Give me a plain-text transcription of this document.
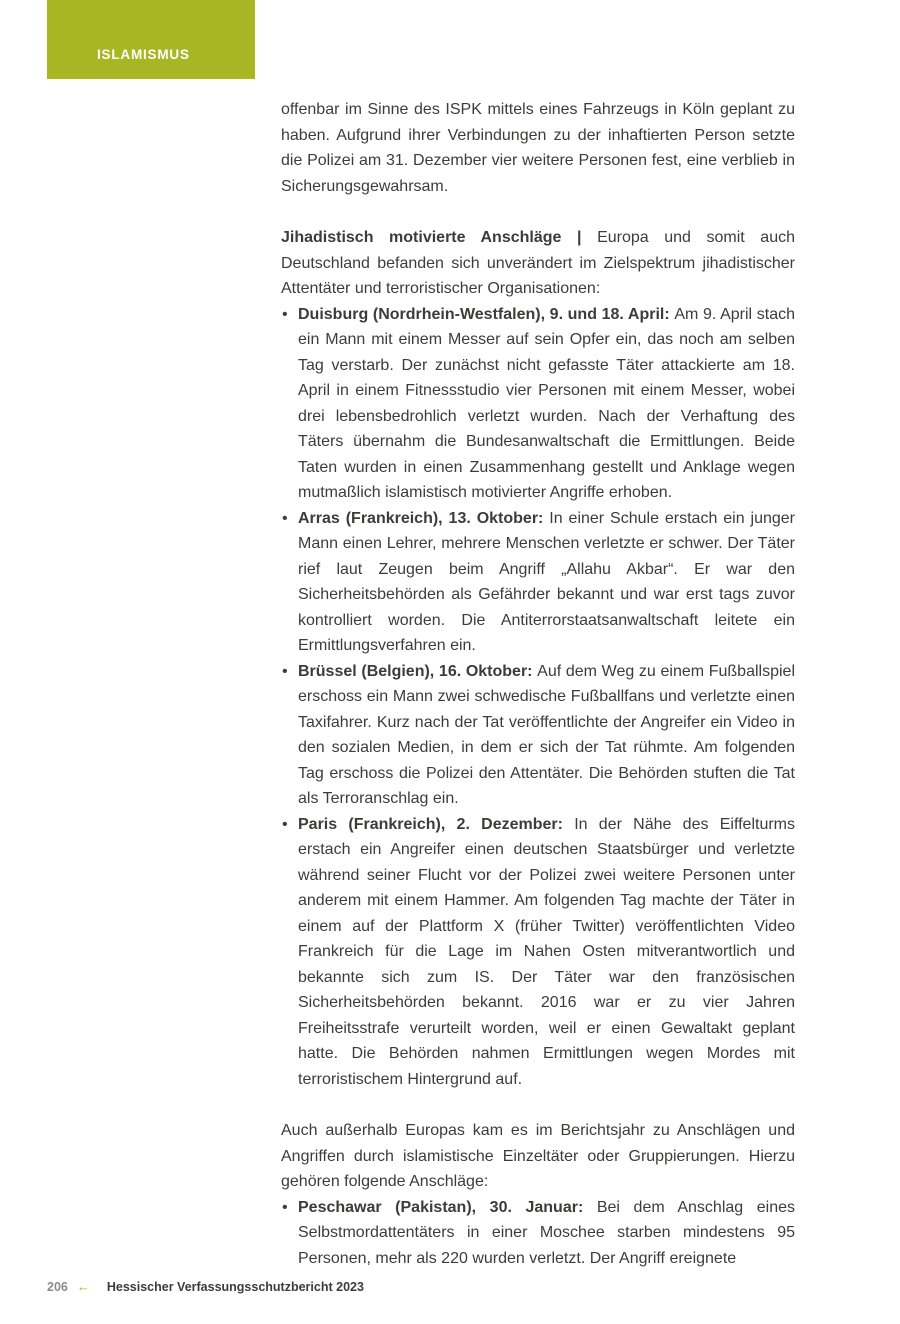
ISLAMISMUS

offenbar im Sinne des ISPK mittels eines Fahrzeugs in Köln geplant zu haben. Aufgrund ihrer Verbindungen zu der inhaftierten Person setzte die Polizei am 31. Dezember vier weitere Personen fest, eine verblieb in Sicherungsgewahrsam.

Jihadistisch motivierte Anschläge | Europa und somit auch Deutschland befanden sich unverändert im Zielspektrum jihadistischer Attentäter und terroristischer Organisationen:

• Duisburg (Nordrhein-Westfalen), 9. und 18. April: Am 9. April stach ein Mann mit einem Messer auf sein Opfer ein, das noch am selben Tag verstarb. Der zunächst nicht gefasste Täter attackierte am 18. April in einem Fitnessstudio vier Personen mit einem Messer, wobei drei lebensbedrohlich verletzt wurden. Nach der Verhaftung des Täters übernahm die Bundesanwaltschaft die Ermittlungen. Beide Taten wurden in einen Zusammenhang gestellt und Anklage wegen mutmaßlich islamistisch motivierter Angriffe erhoben.
• Arras (Frankreich), 13. Oktober: In einer Schule erstach ein junger Mann einen Lehrer, mehrere Menschen verletzte er schwer. Der Täter rief laut Zeugen beim Angriff „Allahu Akbar“. Er war den Sicherheitsbehörden als Gefährder bekannt und war erst tags zuvor kontrolliert worden. Die Antiterrorstaatsanwaltschaft leitete ein Ermittlungsverfahren ein.
• Brüssel (Belgien), 16. Oktober: Auf dem Weg zu einem Fußballspiel erschoss ein Mann zwei schwedische Fußballfans und verletzte einen Taxifahrer. Kurz nach der Tat veröffentlichte der Angreifer ein Video in den sozialen Medien, in dem er sich der Tat rühmte. Am folgenden Tag erschoss die Polizei den Attentäter. Die Behörden stuften die Tat als Terroranschlag ein.
• Paris (Frankreich), 2. Dezember: In der Nähe des Eiffelturms erstach ein Angreifer einen deutschen Staatsbürger und verletzte während seiner Flucht vor der Polizei zwei weitere Personen unter anderem mit einem Hammer. Am folgenden Tag machte der Täter in einem auf der Plattform X (früher Twitter) veröffentlichten Video Frankreich für die Lage im Nahen Osten mitverantwortlich und bekannte sich zum IS. Der Täter war den französischen Sicherheitsbehörden bekannt. 2016 war er zu vier Jahren Freiheitsstrafe verurteilt worden, weil er einen Gewaltakt geplant hatte. Die Behörden nahmen Ermittlungen wegen Mordes mit terroristischem Hintergrund auf.

Auch außerhalb Europas kam es im Berichtsjahr zu Anschlägen und Angriffen durch islamistische Einzeltäter oder Gruppierungen. Hierzu gehören folgende Anschläge:

• Peschawar (Pakistan), 30. Januar: Bei dem Anschlag eines Selbstmordattentäters in einer Moschee starben mindestens 95 Personen, mehr als 220 wurden verletzt. Der Angriff ereignete
206 ← Hessischer Verfassungsschutzbericht 2023
